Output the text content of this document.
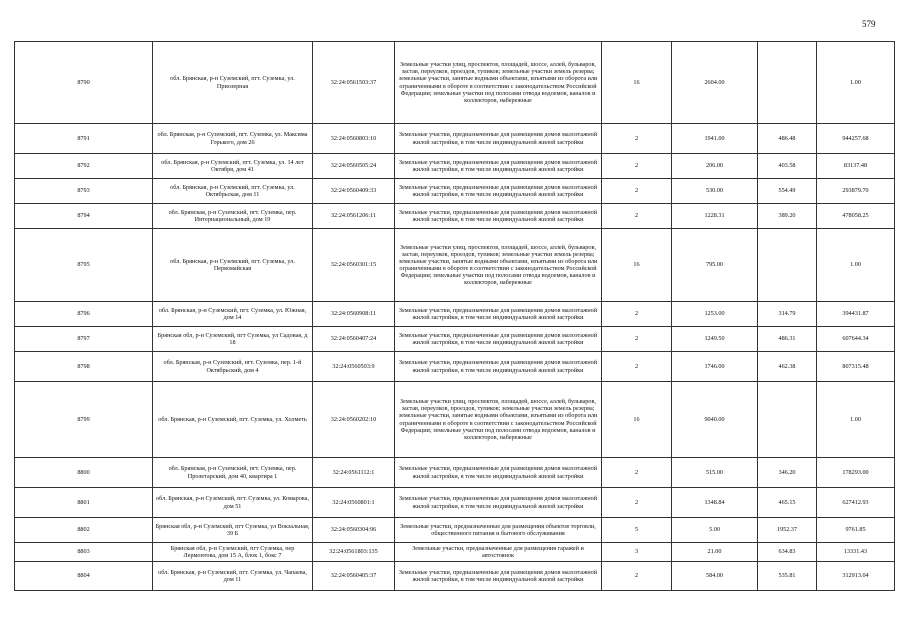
579
8790	обл. Брянская, р-н Суземский, пгт. Суземка, ул. Приозерная	32:24:0561503:37	Земельные участки улиц, проспектов, площадей, шоссе, аллей, бульваров, застав, переулков, проездов, тупиков; земельные участки земель резерва; земельные участки, занятые водными объектами, изъятыми из оборота или ограниченными в обороте в соответствии с законодательством Российской Федерации; земельные участки под полосами отвода водоемов, каналов и коллекторов, набережные	16	2604.00		1.00
8791	обл. Брянская, р-н Суземский, пгт. Суземка, ул. Максима Горького, дом 26	32:24:0560803:10	Земельные участки, предназначенные для размещения домов малоэтажной жилой застройки, в том числе индивидуальной жилой застройки	2	1941.00	486.48	944257.68
8792	обл. Брянская, р-н Суземский, пгт. Суземка, ул. 14 лет Октября, дом 41	32:24:0560505:24	Земельные участки, предназначенные для размещения домов малоэтажной жилой застройки, в том числе индивидуальной жилой застройки	2	206.00	403.58	83137.48
8793	обл. Брянская, р-н Суземский, пгт. Суземка, ул. Октябрьская, дом 11	32:24:0560409:33	Земельные участки, предназначенные для размещения домов малоэтажной жилой застройки, в том числе индивидуальной жилой застройки	2	530.00	554.49	293879.70
8794	обл. Брянская, р-н Суземский, пгт. Суземка, пер. Интернациональный, дом 19	32:24:0561206:11	Земельные участки, предназначенные для размещения домов малоэтажной жилой застройки, в том числе индивидуальной жилой застройки	2	1228.31	389.20	478058.25
8795	обл. Брянская, р-н Суземский, пгт. Суземка, ул. Первомайская	32:24:0560301:15	Земельные участки улиц, проспектов, площадей, шоссе, аллей, бульваров, застав, переулков, проездов, тупиков; земельные участки земель резерва; земельные участки, занятые водными объектами, изъятыми из оборота или ограниченными в обороте в соответствии с законодательством Российской Федерации; земельные участки под полосами отвода водоемов, каналов и коллекторов, набережные	16	795.00		1.00
8796	обл. Брянская, р-н Суземский, пгт. Суземка, ул. Южная, дом 14	32:24:0560908:11	Земельные участки, предназначенные для размещения домов малоэтажной жилой застройки, в том числе индивидуальной жилой застройки	2	1253.00	314.79	394431.87
8797	Брянская обл, р-н Суземский, пгт Суземка, ул Садовая, д 18	32:24:0560407:24	Земельные участки, предназначенные для размещения домов малоэтажной жилой застройки, в том числе индивидуальной жилой застройки	2	1249.50	486.31	607644.34
8798	обл. Брянская, р-н Суземский, пгт. Суземка, пер. 1-й Октябрьский, дом 4	32:24:0560503:9	Земельные участки, предназначенные для размещения домов малоэтажной жилой застройки, в том числе индивидуальной жилой застройки	2	1746.00	462.38	807315.48
8799	обл. Брянская, р-н Суземский, пгт. Суземка, ул. Холметь	32:24:0560202:10	Земельные участки улиц, проспектов, площадей, шоссе, аллей, бульваров, застав, переулков, проездов, тупиков; земельные участки земель резерва; земельные участки, занятые водными объектами, изъятыми из оборота или ограниченными в обороте в соответствии с законодательством Российской Федерации; земельные участки под полосами отвода водоемов, каналов и коллекторов, набережные	16	9040.00		1.00
8800	обл. Брянская, р-н Суземский, пгт. Суземка, пер. Пролетарский, дом 40, квартира 1	32:24:0561112:1	Земельные участки, предназначенные для размещения домов малоэтажной жилой застройки, в том числе индивидуальной жилой застройки	2	515.00	346.20	178293.00
8801	обл. Брянская, р-н Суземский, пгт. Суземка, ул. Комарова, дом 51	32:24:0560801:1	Земельные участки, предназначенные для размещения домов малоэтажной жилой застройки, в том числе индивидуальной жилой застройки	2	1348.84	465.15	627412.93
8802	Брянская обл, р-н Суземский, пгт Суземка, ул Вокзальная, 39 Б	32:24:0560304:96	Земельные участки, предназначенные для размещения объектов торговли, общественного питания и бытового обслуживания	5	5.00	1952.37	9761.85
8803	Брянская обл, р-н Суземский, пгт Суземка, пер Лермонтова, дом 15 А, блок 1, бокс 7	32:24:0561803:135	Земельные участки, предназначенные для размещения гаражей и автостоянок	3	21.00	634.83	13331.43
8804	обл. Брянская, р-н Суземский, пгт. Суземка, ул. Чапаева, дом 11	32:24:0560405:37	Земельные участки, предназначенные для размещения домов малоэтажной жилой застройки, в том числе индивидуальной жилой застройки	2	584.00	535.81	312913.04
